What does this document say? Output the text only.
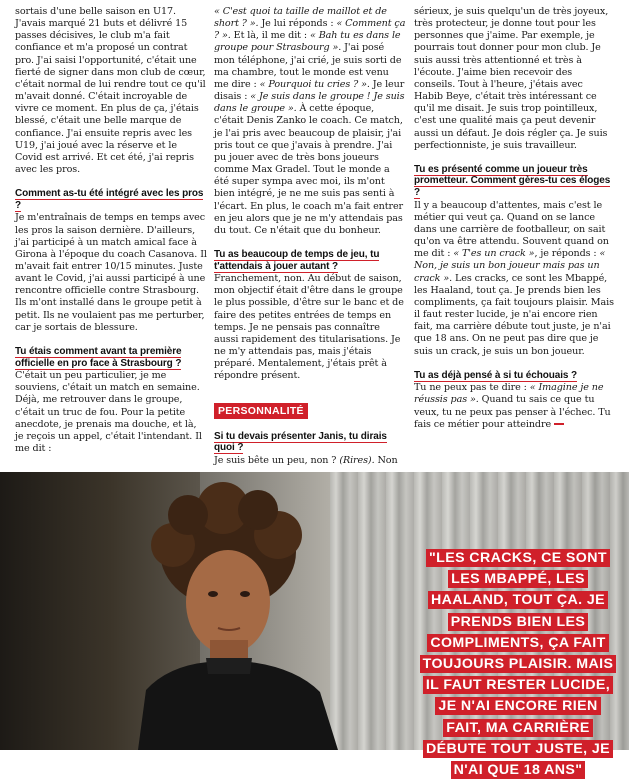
sortais d'une belle saison en U17. J'avais marqué 21 buts et délivré 15 passes décisives, le club m'a fait confiance et m'a proposé un contrat pro. J'ai saisi l'opportunité, c'était une fierté de signer dans mon club de cœur, c'était normal de lui rendre tout ce qu'il m'avait donné. C'était incroyable de vivre ce moment. En plus de ça, j'étais blessé, c'était une belle marque de confiance. J'ai ensuite repris avec les U19, j'ai joué avec la réserve et le Covid est arrivé. Et cet été, j'ai repris avec les pros.

Comment as-tu été intégré avec les pros ?

Je m'entraînais de temps en temps avec les pros la saison dernière. D'ailleurs, j'ai participé à un match amical face à Girona à l'époque du coach Casanova. Il m'avait fait entrer 10/15 minutes. Juste avant le Covid, j'ai aussi participé à une rencontre officielle contre Strasbourg. Ils m'ont installé dans le groupe petit à petit. Ils ne voulaient pas me perturber, car je sortais de blessure.

Tu étais comment avant ta première officielle en pro face à Strasbourg ?

C'était un peu particulier, je me souviens, c'était un match en semaine. Déjà, me retrouver dans le groupe, c'était un truc de fou. Pour la petite anecdote, je prenais ma douche, et là, je reçois un appel, c'était l'intendant. Il me dit :

« C'est quoi ta taille de maillot et de short ? ». Je lui réponds : « Comment ça ? ». Et là, il me dit : « Bah tu es dans le groupe pour Strasbourg ». J'ai posé mon téléphone, j'ai crié, je suis sorti de ma chambre, tout le monde est venu me dire : « Pourquoi tu cries ? ». Je leur disais : « Je suis dans le groupe ! Je suis dans le groupe ». À cette époque, c'était Denis Zanko le coach. Ce match, je l'ai pris avec beaucoup de plaisir, j'ai pris tout ce que j'avais à prendre. J'ai pu jouer avec de très bons joueurs comme Max Gradel. Tout le monde a été super sympa avec moi, ils m'ont bien intégré, je ne me suis pas senti à l'écart. En plus, le coach m'a fait entrer en jeu alors que je ne m'y attendais pas du tout. Ce n'était que du bonheur.

Tu as beaucoup de temps de jeu, tu t'attendais à jouer autant ?

Franchement, non. Au début de saison, mon objectif était d'être dans le groupe le plus possible, d'être sur le banc et de faire des petites entrées de temps en temps. Je ne pensais pas connaître aussi rapidement des titularisations. Je ne m'y attendais pas, mais j'étais préparé. Mentalement, j'étais prêt à répondre présent.

PERSONNALITÉ
Si tu devais présenter Janis, tu dirais quoi ?

Je suis bête un peu, non ? (Rires). Non

sérieux, je suis quelqu'un de très joyeux, très protecteur, je donne tout pour les personnes que j'aime. Par exemple, je pourrais tout donner pour mon club. Je suis aussi très attentionné et très à l'écoute. J'aime bien recevoir des conseils. Tout à l'heure, j'étais avec Habib Beye, c'était très intéressant ce qu'il me disait. Je suis trop pointilleux, c'est une qualité mais ça peut devenir aussi un défaut. Je dois régler ça. Je suis perfectionniste, je suis travailleur.

Tu es présenté comme un joueur très prometteur. Comment gères-tu ces éloges ?

Il y a beaucoup d'attentes, mais c'est le métier qui veut ça. Quand on se lance dans une carrière de footballeur, on sait qu'on va être attendu. Souvent quand on me dit : « T'es un crack », je réponds : « Non, je suis un bon joueur mais pas un crack ». Les cracks, ce sont les Mbappé, les Haaland, tout ça. Je prends bien les compliments, ça fait toujours plaisir. Mais il faut rester lucide, je n'ai encore rien fait, ma carrière débute tout juste, je n'ai que 18 ans. On ne peut pas dire que je suis un crack, je suis un bon joueur.

Tu as déjà pensé à si tu échouais ?

Tu ne peux pas te dire : « Imagine je ne réussis pas ». Quand tu sais ce que tu veux, tu ne peux pas penser à l'échec. Tu fais ce métier pour atteindre

"LES CRACKS, CE SONT LES MBAPPÉ, LES HAALAND, TOUT ÇA. JE PRENDS BIEN LES COMPLIMENTS, ÇA FAIT TOUJOURS PLAISIR. MAIS IL FAUT RESTER LUCIDE, JE N'AI ENCORE RIEN FAIT, MA CARRIÈRE DÉBUTE TOUT JUSTE, JE N'AI QUE 18 ANS"
